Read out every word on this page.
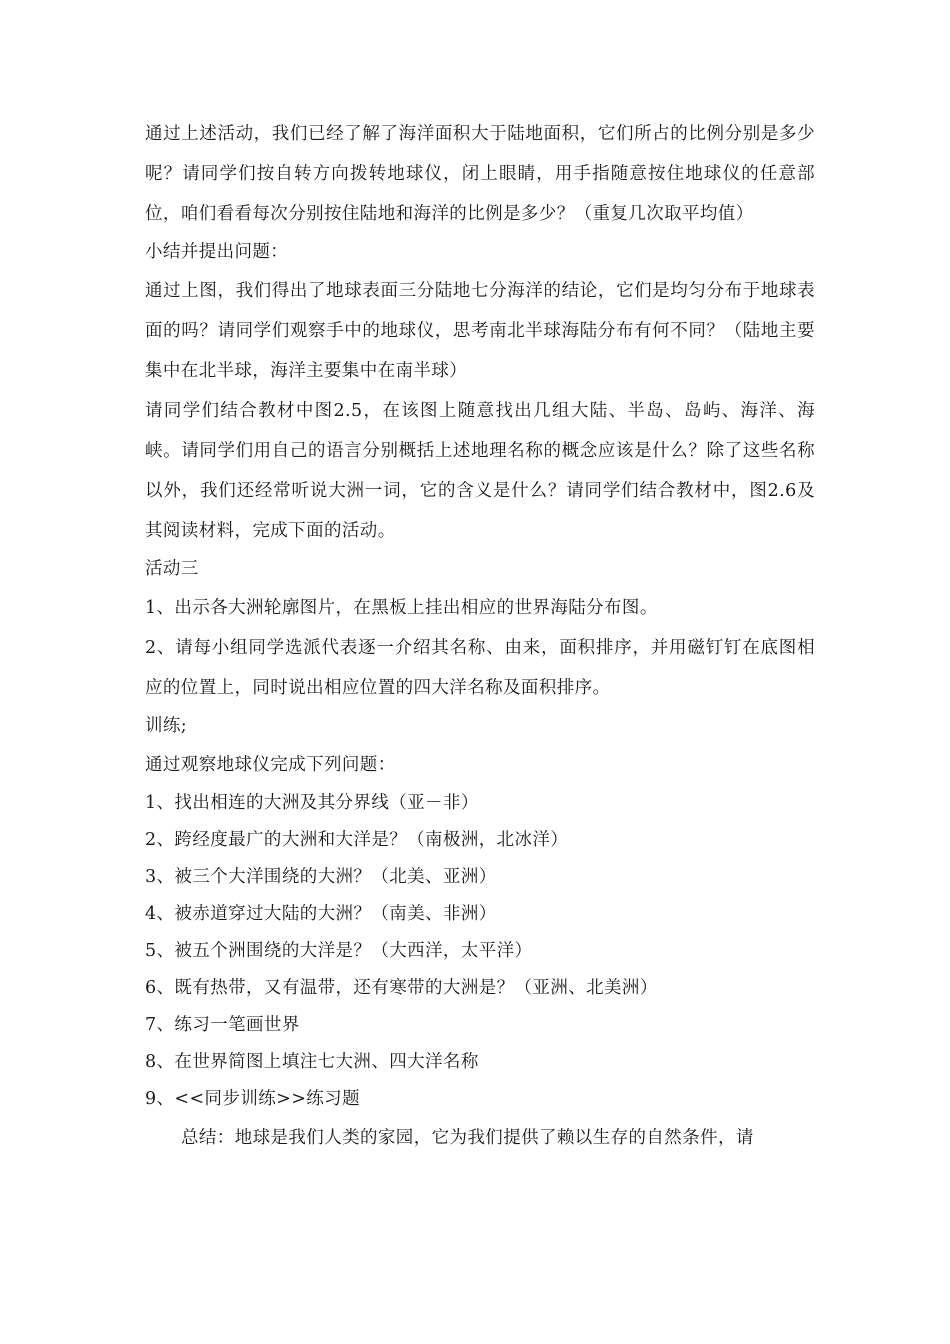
通过上述活动，我们已经了解了海洋面积大于陆地面积，它们所占的比例分别是多少呢？请同学们按自转方向拨转地球仪，闭上眼睛，用手指随意按住地球仪的任意部位，咱们看看每次分别按住陆地和海洋的比例是多少？（重复几次取平均值）

小结并提出问题：

通过上图，我们得出了地球表面三分陆地七分海洋的结论，它们是均匀分布于地球表面的吗？请同学们观察手中的地球仪，思考南北半球海陆分布有何不同？（陆地主要集中在北半球，海洋主要集中在南半球）

请同学们结合教材中图2.5，在该图上随意找出几组大陆、半岛、岛屿、海洋、海峡。请同学们用自己的语言分别概括上述地理名称的概念应该是什么？除了这些名称以外，我们还经常听说大洲一词，它的含义是什么？请同学们结合教材中，图2.6及其阅读材料，完成下面的活动。

活动三

1、出示各大洲轮廓图片，在黑板上挂出相应的世界海陆分布图。

2、请每小组同学选派代表逐一介绍其名称、由来，面积排序，并用磁钉钉在底图相应的位置上，同时说出相应位置的四大洋名称及面积排序。

训练;

通过观察地球仪完成下列问题：

1、找出相连的大洲及其分界线（亚－非）

2、跨经度最广的大洲和大洋是？（南极洲，北冰洋）

3、被三个大洋围绕的大洲？（北美、亚洲）

4、被赤道穿过大陆的大洲？（南美、非洲）

5、被五个洲围绕的大洋是？（大西洋，太平洋）

6、既有热带，又有温带，还有寒带的大洲是？（亚洲、北美洲）

7、练习一笔画世界

8、在世界简图上填注七大洲、四大洋名称

9、<<同步训练>>练习题

总结：地球是我们人类的家园，它为我们提供了赖以生存的自然条件，请
